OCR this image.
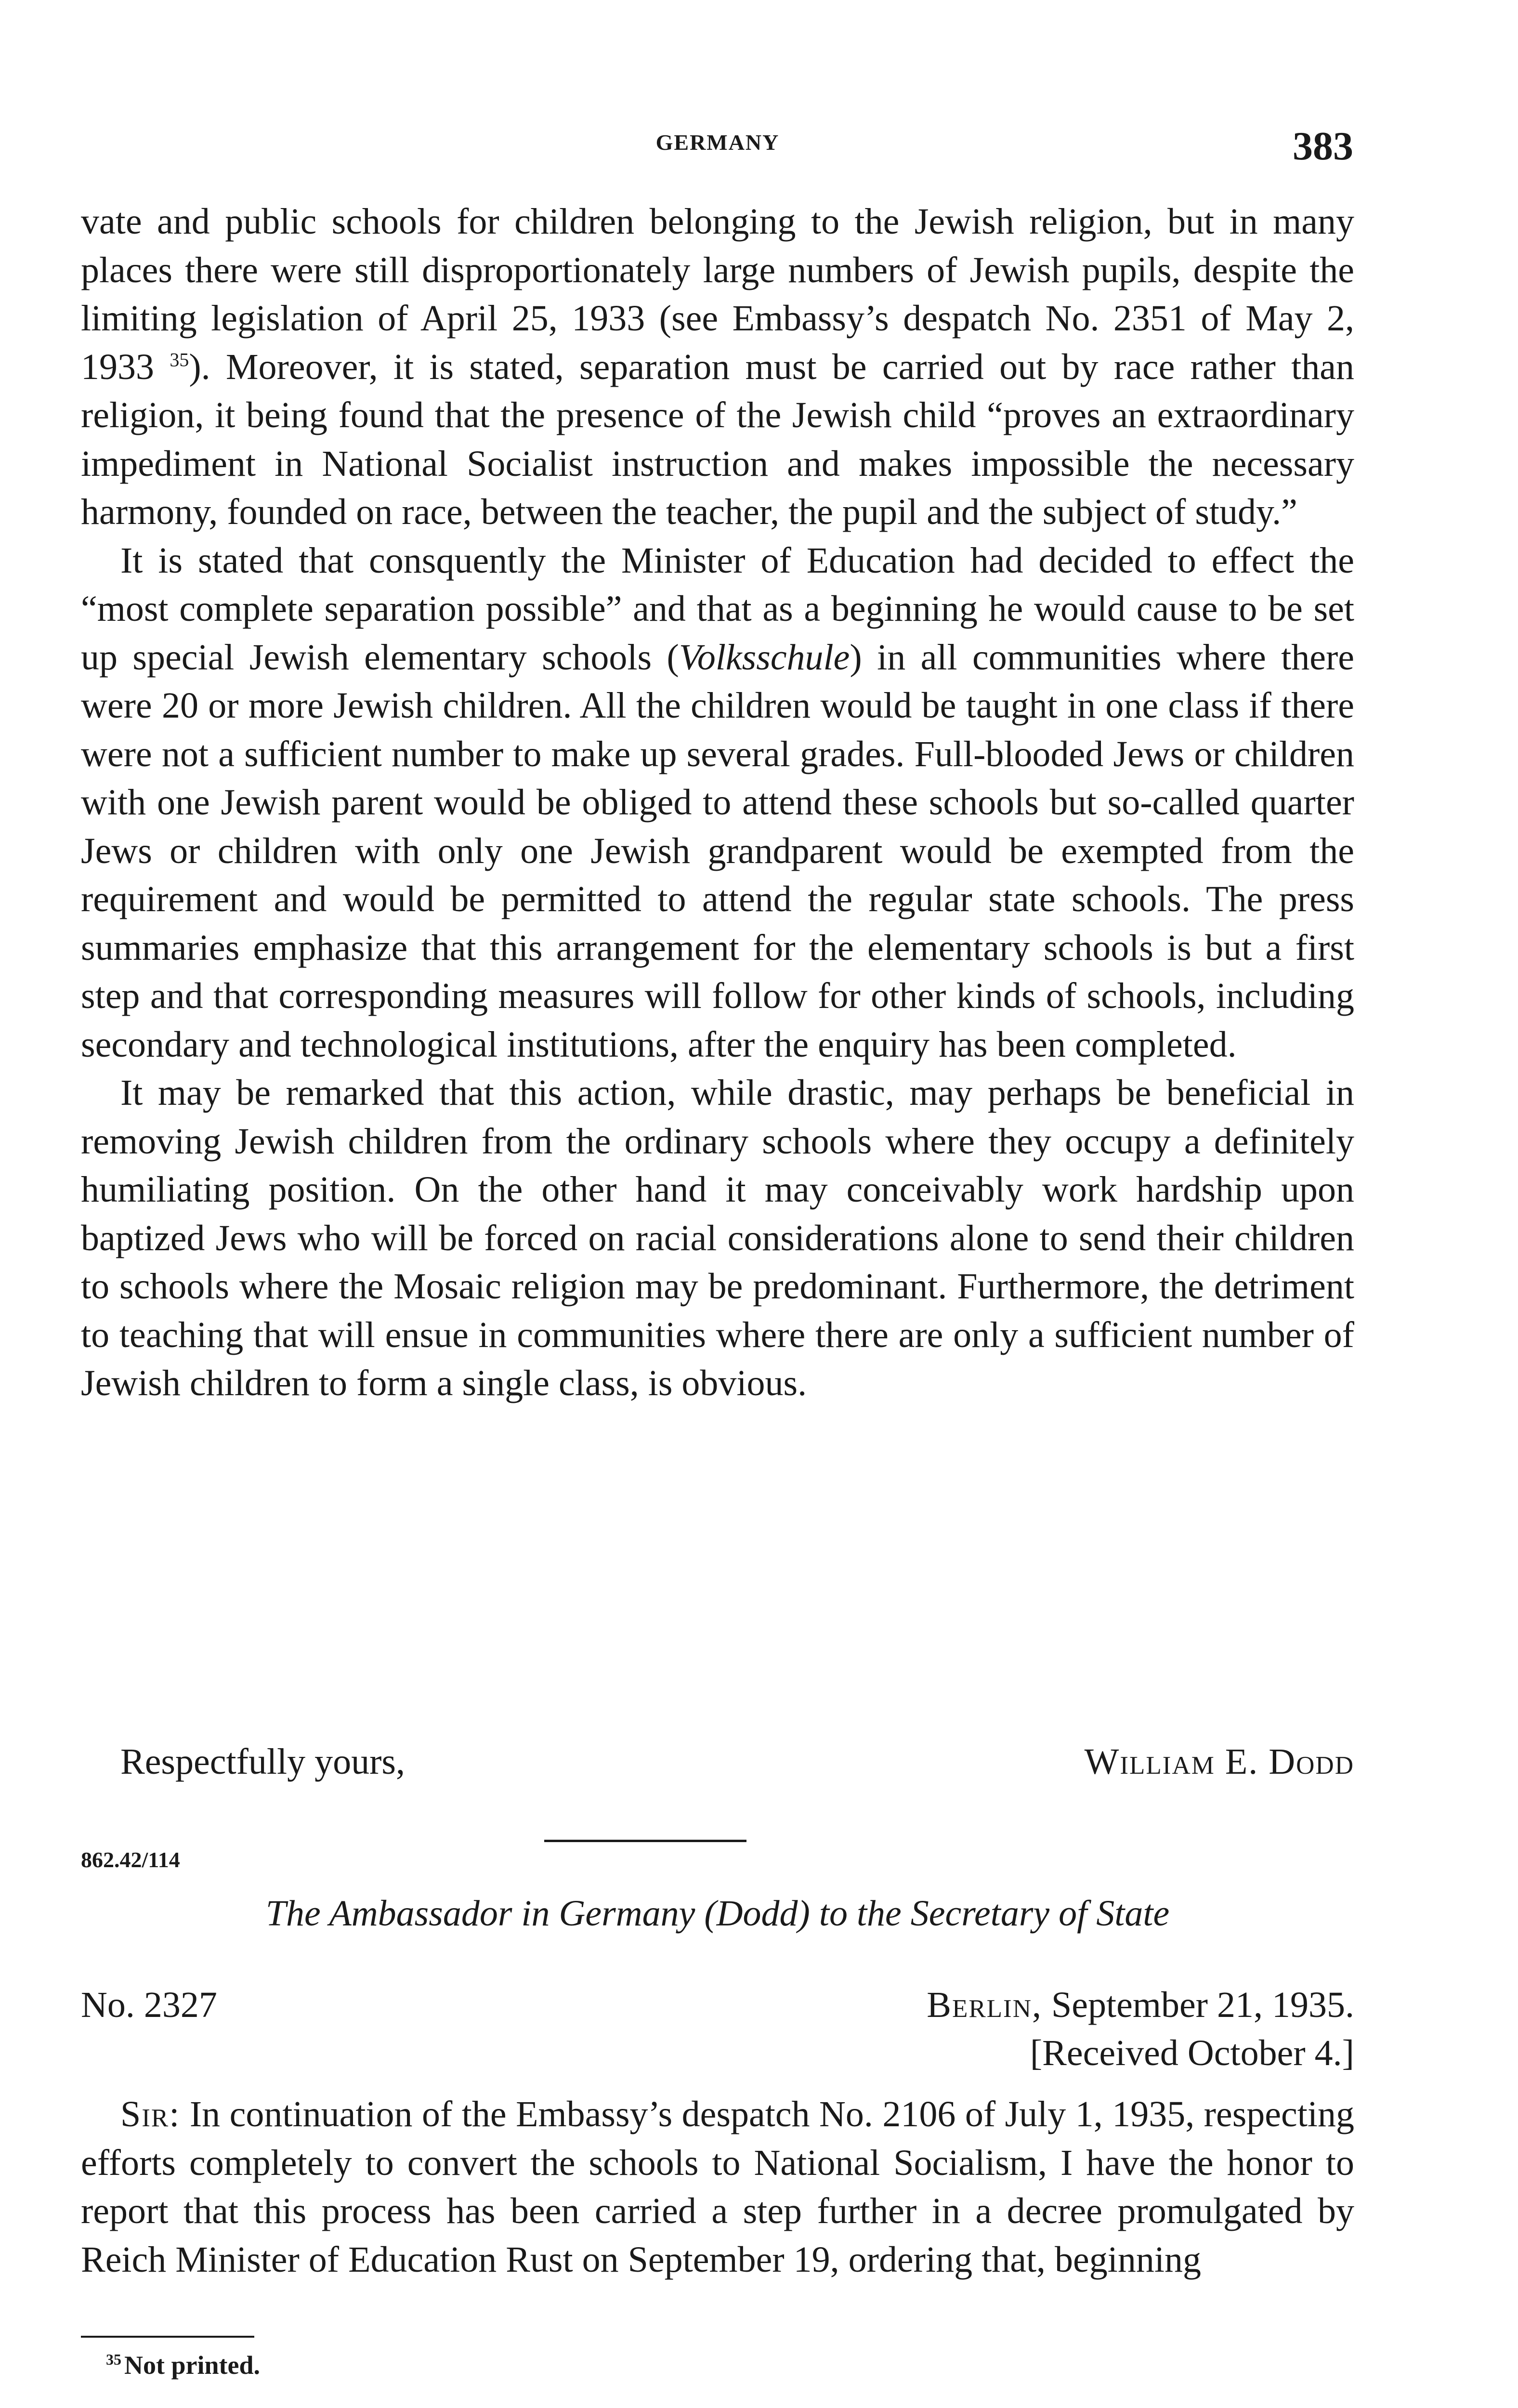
GERMANY	383

vate and public schools for children belonging to the Jewish religion, but in many places there were still disproportionately large numbers of Jewish pupils, despite the limiting legislation of April 25, 1933 (see Embassy’s despatch No. 2351 of May 2, 1933 $^{35}$). Moreover, it is stated, separation must be carried out by race rather than religion, it being found that the presence of the Jewish child “proves an extraordinary impediment in National Socialist instruction and makes impossible the necessary harmony, founded on race, between the teacher, the pupil and the subject of study.”

It is stated that consquently the Minister of Education had decided to effect the “most complete separation possible” and that as a beginning he would cause to be set up special Jewish elementary schools (Volksschule) in all communities where there were 20 or more Jewish children. All the children would be taught in one class if there were not a sufficient number to make up several grades. Full-blooded Jews or children with one Jewish parent would be obliged to attend these schools but so-called quarter Jews or children with only one Jewish grandparent would be exempted from the requirement and would be permitted to attend the regular state schools. The press summaries emphasize that this arrangement for the elementary schools is but a first step and that corresponding measures will follow for other kinds of schools, including secondary and technological institutions, after the enquiry has been completed.

It may be remarked that this action, while drastic, may perhaps be beneficial in removing Jewish children from the ordinary schools where they occupy a definitely humiliating position. On the other hand it may conceivably work hardship upon baptized Jews who will be forced on racial considerations alone to send their children to schools where the Mosaic religion may be predominant. Furthermore, the detriment to teaching that will ensue in communities where there are only a sufficient number of Jewish children to form a single class, is obvious.

Respectfully yours,	William E. Dodd
862.42/114
The Ambassador in Germany (Dodd) to the Secretary of State
No. 2327	Berlin, September 21, 1935.
[Received October 4.]

Sir: In continuation of the Embassy’s despatch No. 2106 of July 1, 1935, respecting efforts completely to convert the schools to National Socialism, I have the honor to report that this process has been carried a step further in a decree promulgated by Reich Minister of Education Rust on September 19, ordering that, beginning

$^{35}$ Not printed.
